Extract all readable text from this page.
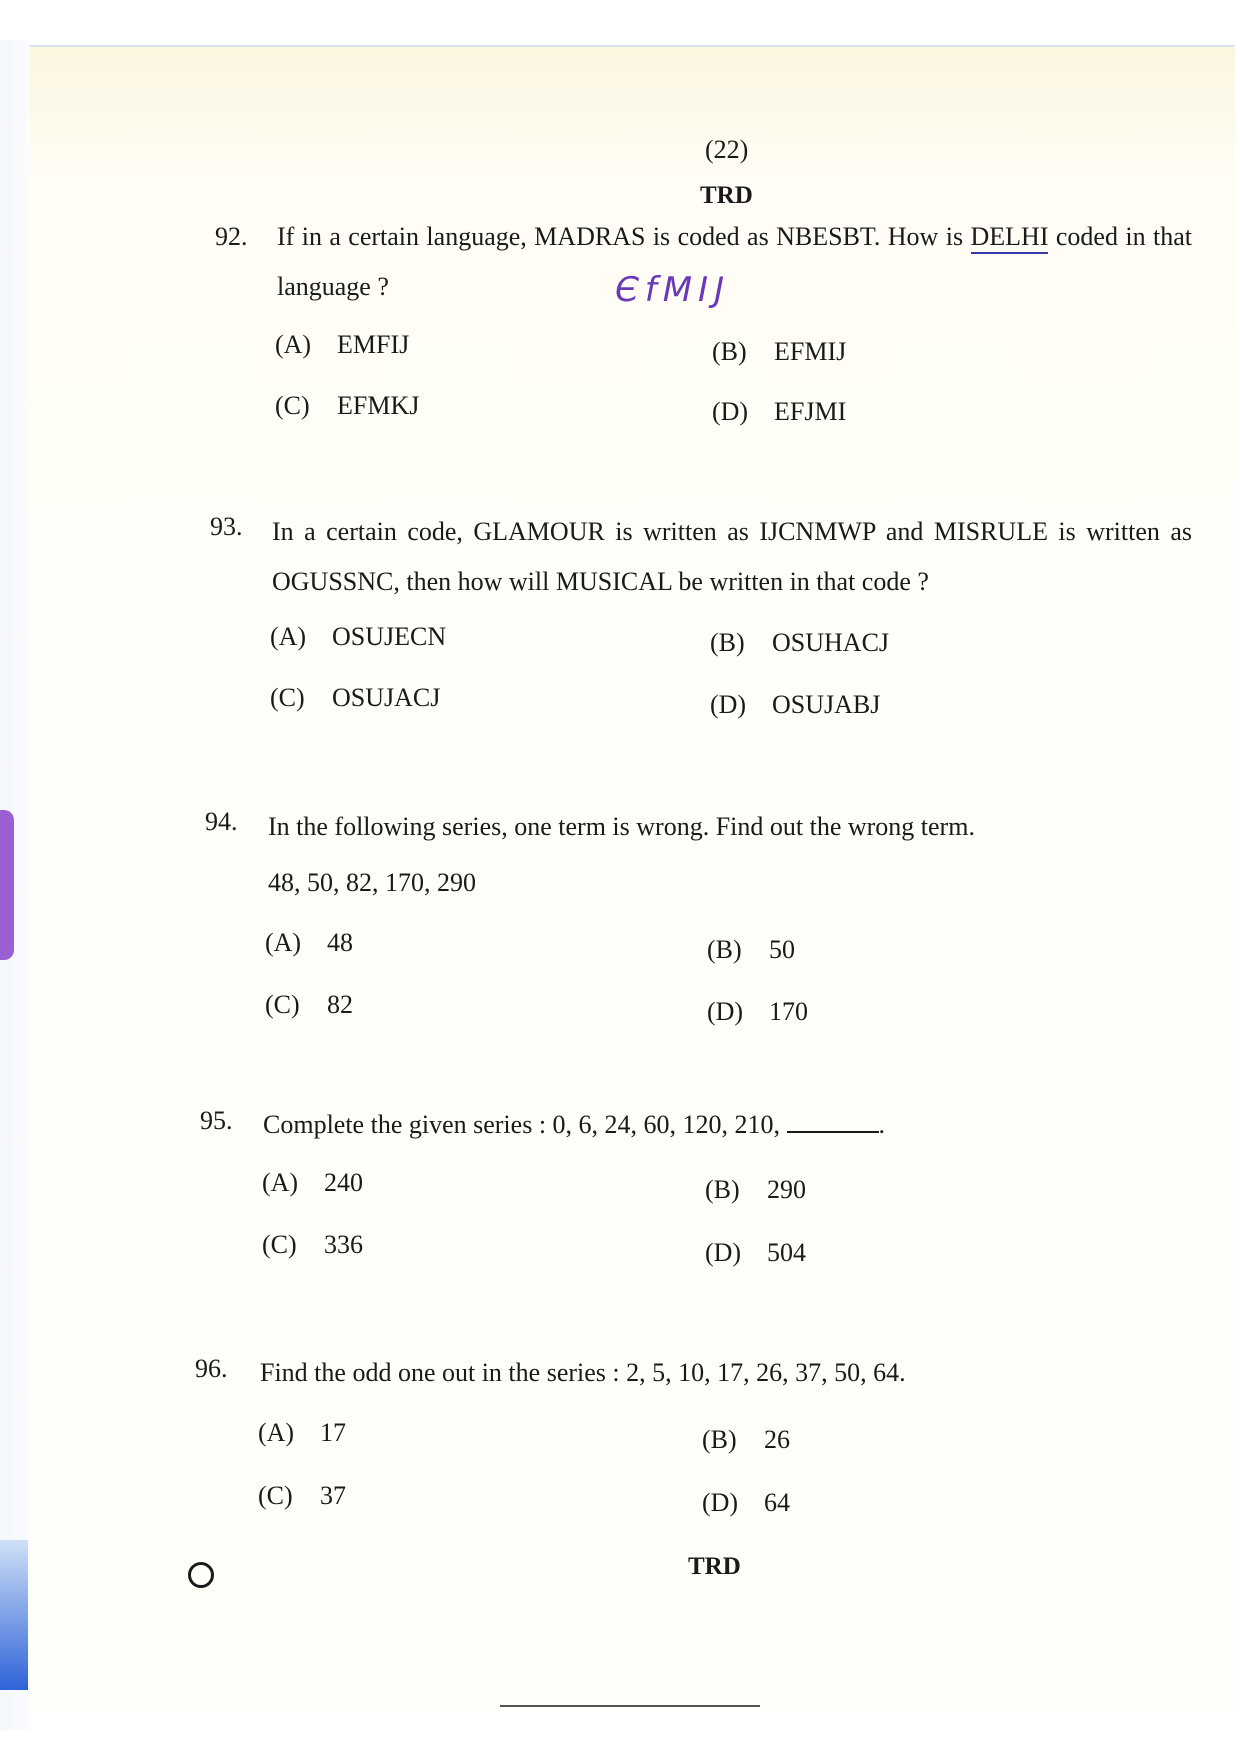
(22)
TRD
92. If in a certain language, MADRAS is coded as NBESBT. How is DELHI coded in that language ?	ЄfMIJ
(A) EMFIJ	(B) EFMIJ
(C) EFMKJ	(D) EFJMI
93. In a certain code, GLAMOUR is written as IJCNMWP and MISRULE is written as OGUSSNC, then how will MUSICAL be written in that code ?
(A) OSUJECN	(B) OSUHACJ
(C) OSUJACJ	(D) OSUJABJ
94. In the following series, one term is wrong. Find out the wrong term.
48, 50, 82, 170, 290
(A) 48	(B) 50
(C) 82	(D) 170
95. Complete the given series : 0, 6, 24, 60, 120, 210,	.
(A) 240	(B) 290
(C) 336	(D) 504
96. Find the odd one out in the series : 2, 5, 10, 17, 26, 37, 50, 64.
(A) 17	(B) 26
(C) 37	(D) 64
TRD
